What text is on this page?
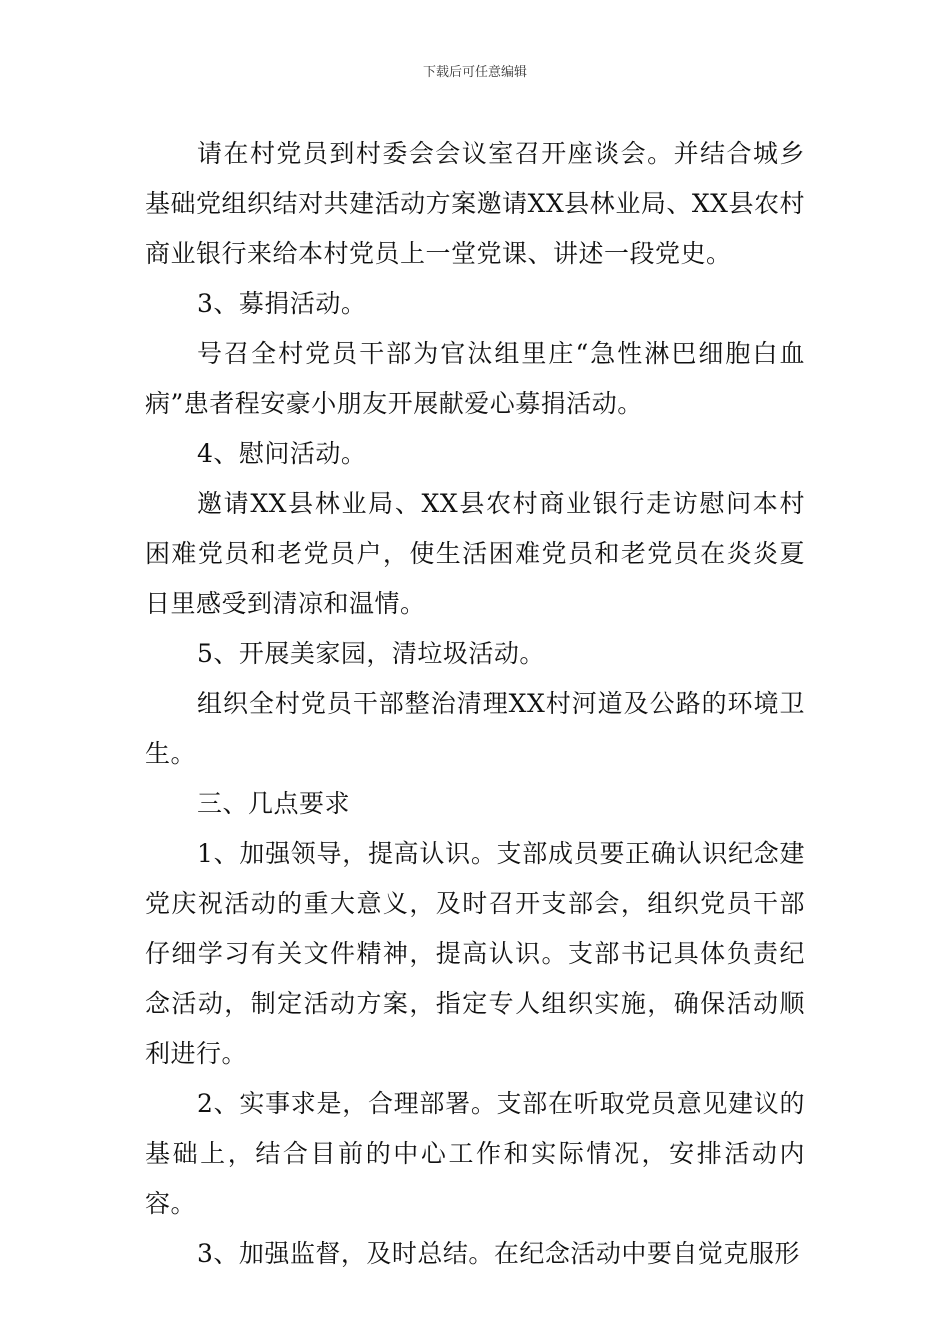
下载后可任意编辑

请在村党员到村委会会议室召开座谈会。并结合城乡基础党组织结对共建活动方案邀请XX县林业局、XX县农村商业银行来给本村党员上一堂党课、讲述一段党史。

3、募捐活动。

号召全村党员干部为官汰组里庄“急性淋巴细胞白血病”患者程安豪小朋友开展献爱心募捐活动。

4、慰问活动。

邀请XX县林业局、XX县农村商业银行走访慰问本村困难党员和老党员户，使生活困难党员和老党员在炎炎夏日里感受到清凉和温情。

5、开展美家园，清垃圾活动。

组织全村党员干部整治清理XX村河道及公路的环境卫生。

三、几点要求

1、加强领导，提高认识。支部成员要正确认识纪念建党庆祝活动的重大意义，及时召开支部会，组织党员干部仔细学习有关文件精神，提高认识。支部书记具体负责纪念活动，制定活动方案，指定专人组织实施，确保活动顺利进行。

2、实事求是，合理部署。支部在听取党员意见建议的基础上，结合目前的中心工作和实际情况，安排活动内容。

3、加强监督，及时总结。在纪念活动中要自觉克服形
